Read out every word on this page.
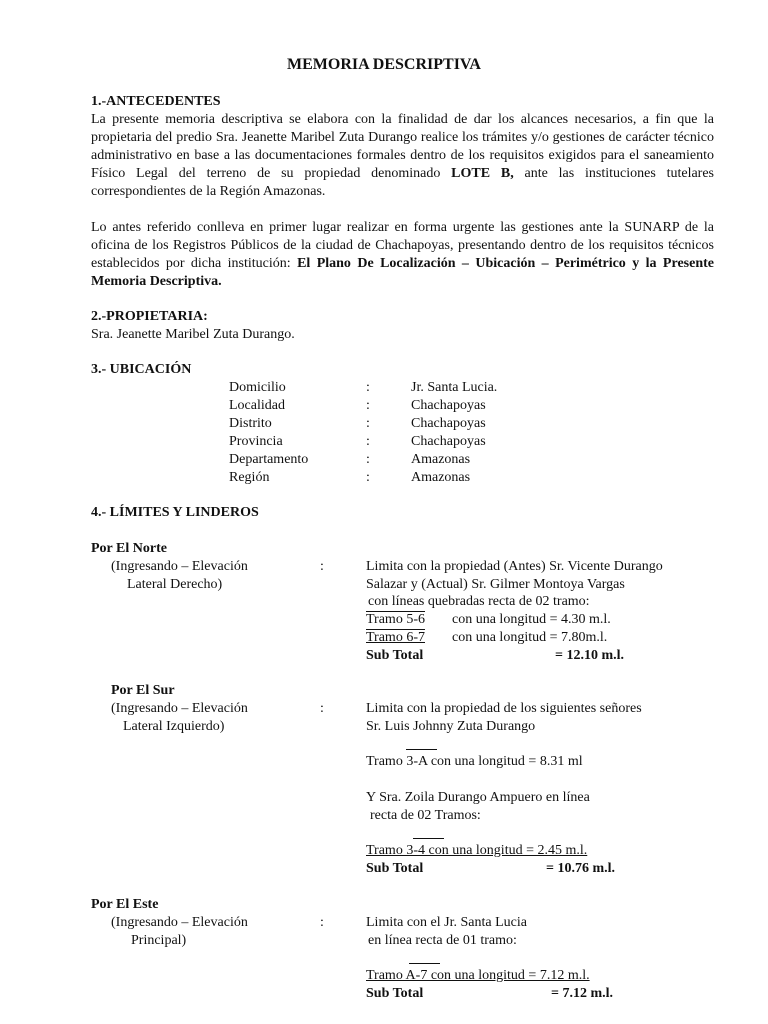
MEMORIA DESCRIPTIVA
1.-ANTECEDENTES
La presente memoria descriptiva se elabora con la finalidad de dar los alcances necesarios, a fin que la propietaria del predio Sra. Jeanette Maribel Zuta Durango realice los trámites y/o gestiones de carácter técnico administrativo en base a las documentaciones formales dentro de los requisitos exigidos para el saneamiento Físico Legal del terreno de su propiedad denominado LOTE B, ante las instituciones tutelares correspondientes de la Región Amazonas.
Lo antes referido conlleva en primer lugar realizar en forma urgente las gestiones ante la SUNARP de la oficina de los Registros Públicos de la ciudad de Chachapoyas, presentando dentro de los requisitos técnicos establecidos por dicha institución: El Plano De Localización – Ubicación – Perimétrico y la Presente Memoria Descriptiva.
2.-PROPIETARIA:
Sra. Jeanette Maribel Zuta Durango.
3.- UBICACIÓN
Domicilio	:	Jr. Santa Lucia.
Localidad	:	Chachapoyas
Distrito	:	Chachapoyas
Provincia	:	Chachapoyas
Departamento	:	Amazonas
Región	:	Amazonas
4.- LÍMITES Y LINDEROS
Por El Norte
(Ingresando – Elevación
Lateral Derecho)
:	Limita con la propiedad (Antes) Sr. Vicente Durango
Salazar y (Actual) Sr. Gilmer Montoya Vargas
con líneas quebradas recta de 02 tramo:
Tramo 5-6 con una longitud = 4.30 m.l.
Tramo 6-7 con una longitud = 7.80m.l.
Sub Total	= 12.10 m.l.
Por El Sur
(Ingresando – Elevación
Lateral Izquierdo)
:	Limita con la propiedad de los siguientes señores
Sr. Luis Johnny Zuta Durango
Tramo 3-A con una longitud = 8.31 ml
Y Sra. Zoila Durango Ampuero en línea
recta de 02 Tramos:
Tramo 3-4 con una longitud = 2.45 m.l.
Sub Total	= 10.76 m.l.
Por El Este
(Ingresando – Elevación
Principal)
:	Limita con el Jr. Santa Lucia
en línea recta de 01 tramo:
Tramo A-7 con una longitud = 7.12 m.l.
Sub Total	= 7.12 m.l.
